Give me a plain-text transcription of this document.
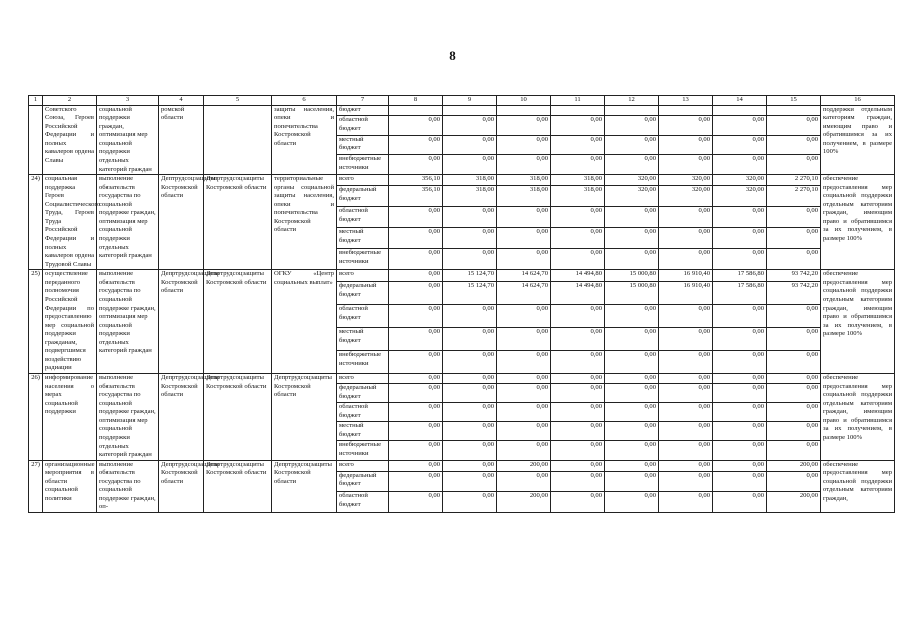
8
1	2	3	4	5	6	7	8	9	10	11	12	13	14	15	16
	Советского Союза, Героев Российской Федерации и полных кавалеров ордена Славы	социальной поддержки граждан, оптимизация мер социальной поддержки отдельных категорий граждан	ромской области		защиты населения, опеки и попечительства Костромской области	бюджет									поддержки отдельным категориям граждан, имеющим право и обратившимся за их получением, в размере 100%
						областной бюджет	0,00	0,00	0,00	0,00	0,00	0,00	0,00	0,00	
						местный бюджет	0,00	0,00	0,00	0,00	0,00	0,00	0,00	0,00	
						внебюджетные источники	0,00	0,00	0,00	0,00	0,00	0,00	0,00	0,00	
24)	социальная поддержка Героев Социалистического Труда, Героев Труда Российской Федерации и полных кавалеров ордена Трудовой Славы	выполнение обязательств государства по социальной поддержке граждан, оптимизация мер социальной поддержки отдельных категорий граждан	Дептрудсоцзащиты Костромской области	Депртрудсоцзащиты Костромской области	территориальные органы социальной защиты населения, опеки и попечительства Костромской области	всего	356,10	318,00	318,00	318,00	320,00	320,00	320,00	2 270,10	обеспечение предоставления мер социальной поддержки отдельным категориям граждан, имеющим право и обратившимся за их получением, в размере 100%
						федеральный бюджет	356,10	318,00	318,00	318,00	320,00	320,00	320,00	2 270,10	
						областной бюджет	0,00	0,00	0,00	0,00	0,00	0,00	0,00	0,00	
						местный бюджет	0,00	0,00	0,00	0,00	0,00	0,00	0,00	0,00	
						внебюджетные источники	0,00	0,00	0,00	0,00	0,00	0,00	0,00	0,00	
25)	осуществление переданного полномочия Российской Федерации по предоставлению мер социальной поддержки гражданам, подвергшимся воздействию радиации	выполнение обязательств государства по социальной поддержке граждан, оптимизация мер социальной поддержки отдельных категорий граждан	Депртрудсоцзащиты Костромской области	Депртрудсоцзащиты Костромской области	ОГКУ «Центр социальных выплат»	всего	0,00	15 124,70	14 624,70	14 494,80	15 000,80	16 910,40	17 586,80	93 742,20	обеспечение предоставления мер социальной поддержки отдельным категориям граждан, имеющим право и обратившимся за их получением, в размере 100%
						федеральный бюджет	0,00	15 124,70	14 624,70	14 494,80	15 000,80	16 910,40	17 586,80	93 742,20	
						областной бюджет	0,00	0,00	0,00	0,00	0,00	0,00	0,00	0,00	
						местный бюджет	0,00	0,00	0,00	0,00	0,00	0,00	0,00	0,00	
						внебюджетные источники	0,00	0,00	0,00	0,00	0,00	0,00	0,00	0,00	
26)	информирование населения о мерах социальной поддержки	выполнение обязательств государства по социальной поддержке граждан, оптимизация мер социальной поддержки отдельных категорий граждан	Депртрудсоцзащиты Костромской области	Депртрудсоцзащиты Костромской области	Депртрудсоцзащиты Костромской области	всего	0,00	0,00	0,00	0,00	0,00	0,00	0,00	0,00	обеспечение предоставления мер социальной поддержки отдельным категориям граждан, имеющим право и обратившимся за их получением, в размере 100%
						федеральный бюджет	0,00	0,00	0,00	0,00	0,00	0,00	0,00	0,00	
						областной бюджет	0,00	0,00	0,00	0,00	0,00	0,00	0,00	0,00	
						местный бюджет	0,00	0,00	0,00	0,00	0,00	0,00	0,00	0,00	
						внебюджетные источники	0,00	0,00	0,00	0,00	0,00	0,00	0,00	0,00	
27)	организационные мероприятия в области социальной политики	выполнение обязательств государства по социальной поддержке граждан, оп-	Депртрудсоцзащиты Костромской области	Депртрудсоцзащиты Костромской области	Депртрудсоцзащиты Костромской области	всего	0,00	0,00	200,00	0,00	0,00	0,00	0,00	200,00	обеспечение предоставления мер социальной поддержки отдельным категориям граждан,
						федеральный бюджет	0,00	0,00	0,00	0,00	0,00	0,00	0,00	0,00	
						областной бюджет	0,00	0,00	200,00	0,00	0,00	0,00	0,00	200,00	
